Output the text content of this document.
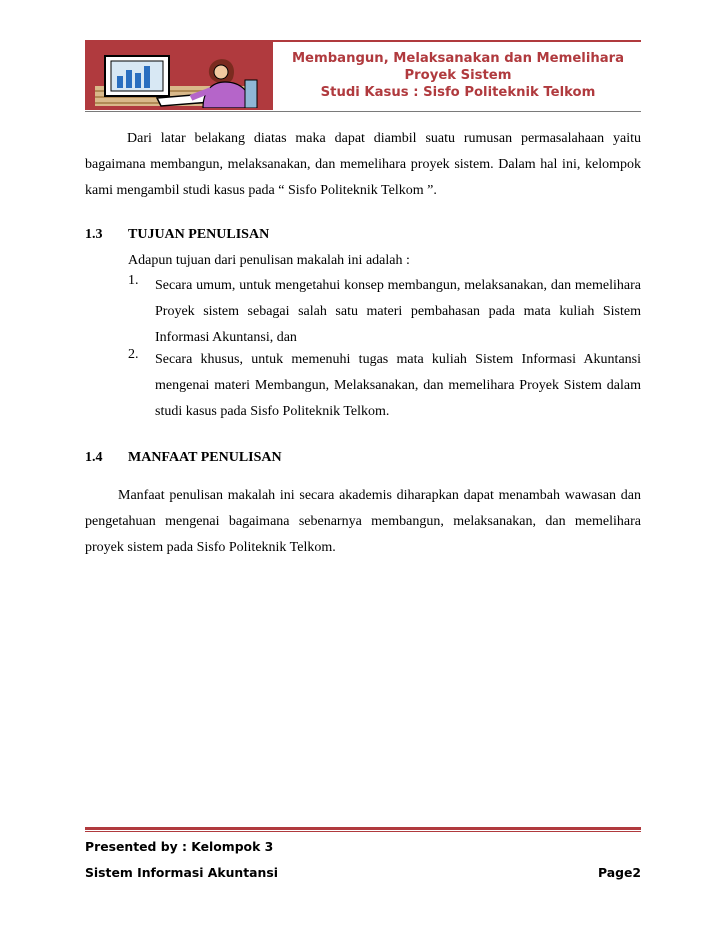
Membangun, Melaksanakan dan Memelihara
Proyek Sistem
Studi Kasus : Sisfo Politeknik Telkom

Dari latar belakang diatas maka dapat diambil suatu rumusan permasalahaan yaitu bagaimana membangun, melaksanakan, dan memelihara proyek sistem. Dalam hal ini, kelompok kami mengambil studi kasus pada “ Sisfo Politeknik Telkom ”.

1.3 TUJUAN PENULISAN
Adapun tujuan dari penulisan makalah ini adalah :
1. Secara umum, untuk mengetahui konsep membangun, melaksanakan, dan memelihara Proyek sistem sebagai salah satu materi pembahasan pada mata kuliah Sistem Informasi Akuntansi, dan

2. Secara khusus, untuk memenuhi tugas mata kuliah Sistem Informasi Akuntansi mengenai materi Membangun, Melaksanakan, dan memelihara Proyek Sistem dalam studi kasus pada Sisfo Politeknik Telkom.

1.4 MANFAAT PENULISAN

Manfaat penulisan makalah ini secara akademis diharapkan dapat menambah wawasan dan pengetahuan mengenai bagaimana sebenarnya membangun, melaksanakan, dan memelihara proyek sistem pada Sisfo Politeknik Telkom.

Presented by : Kelompok 3
Sistem Informasi Akuntansi	Page2
